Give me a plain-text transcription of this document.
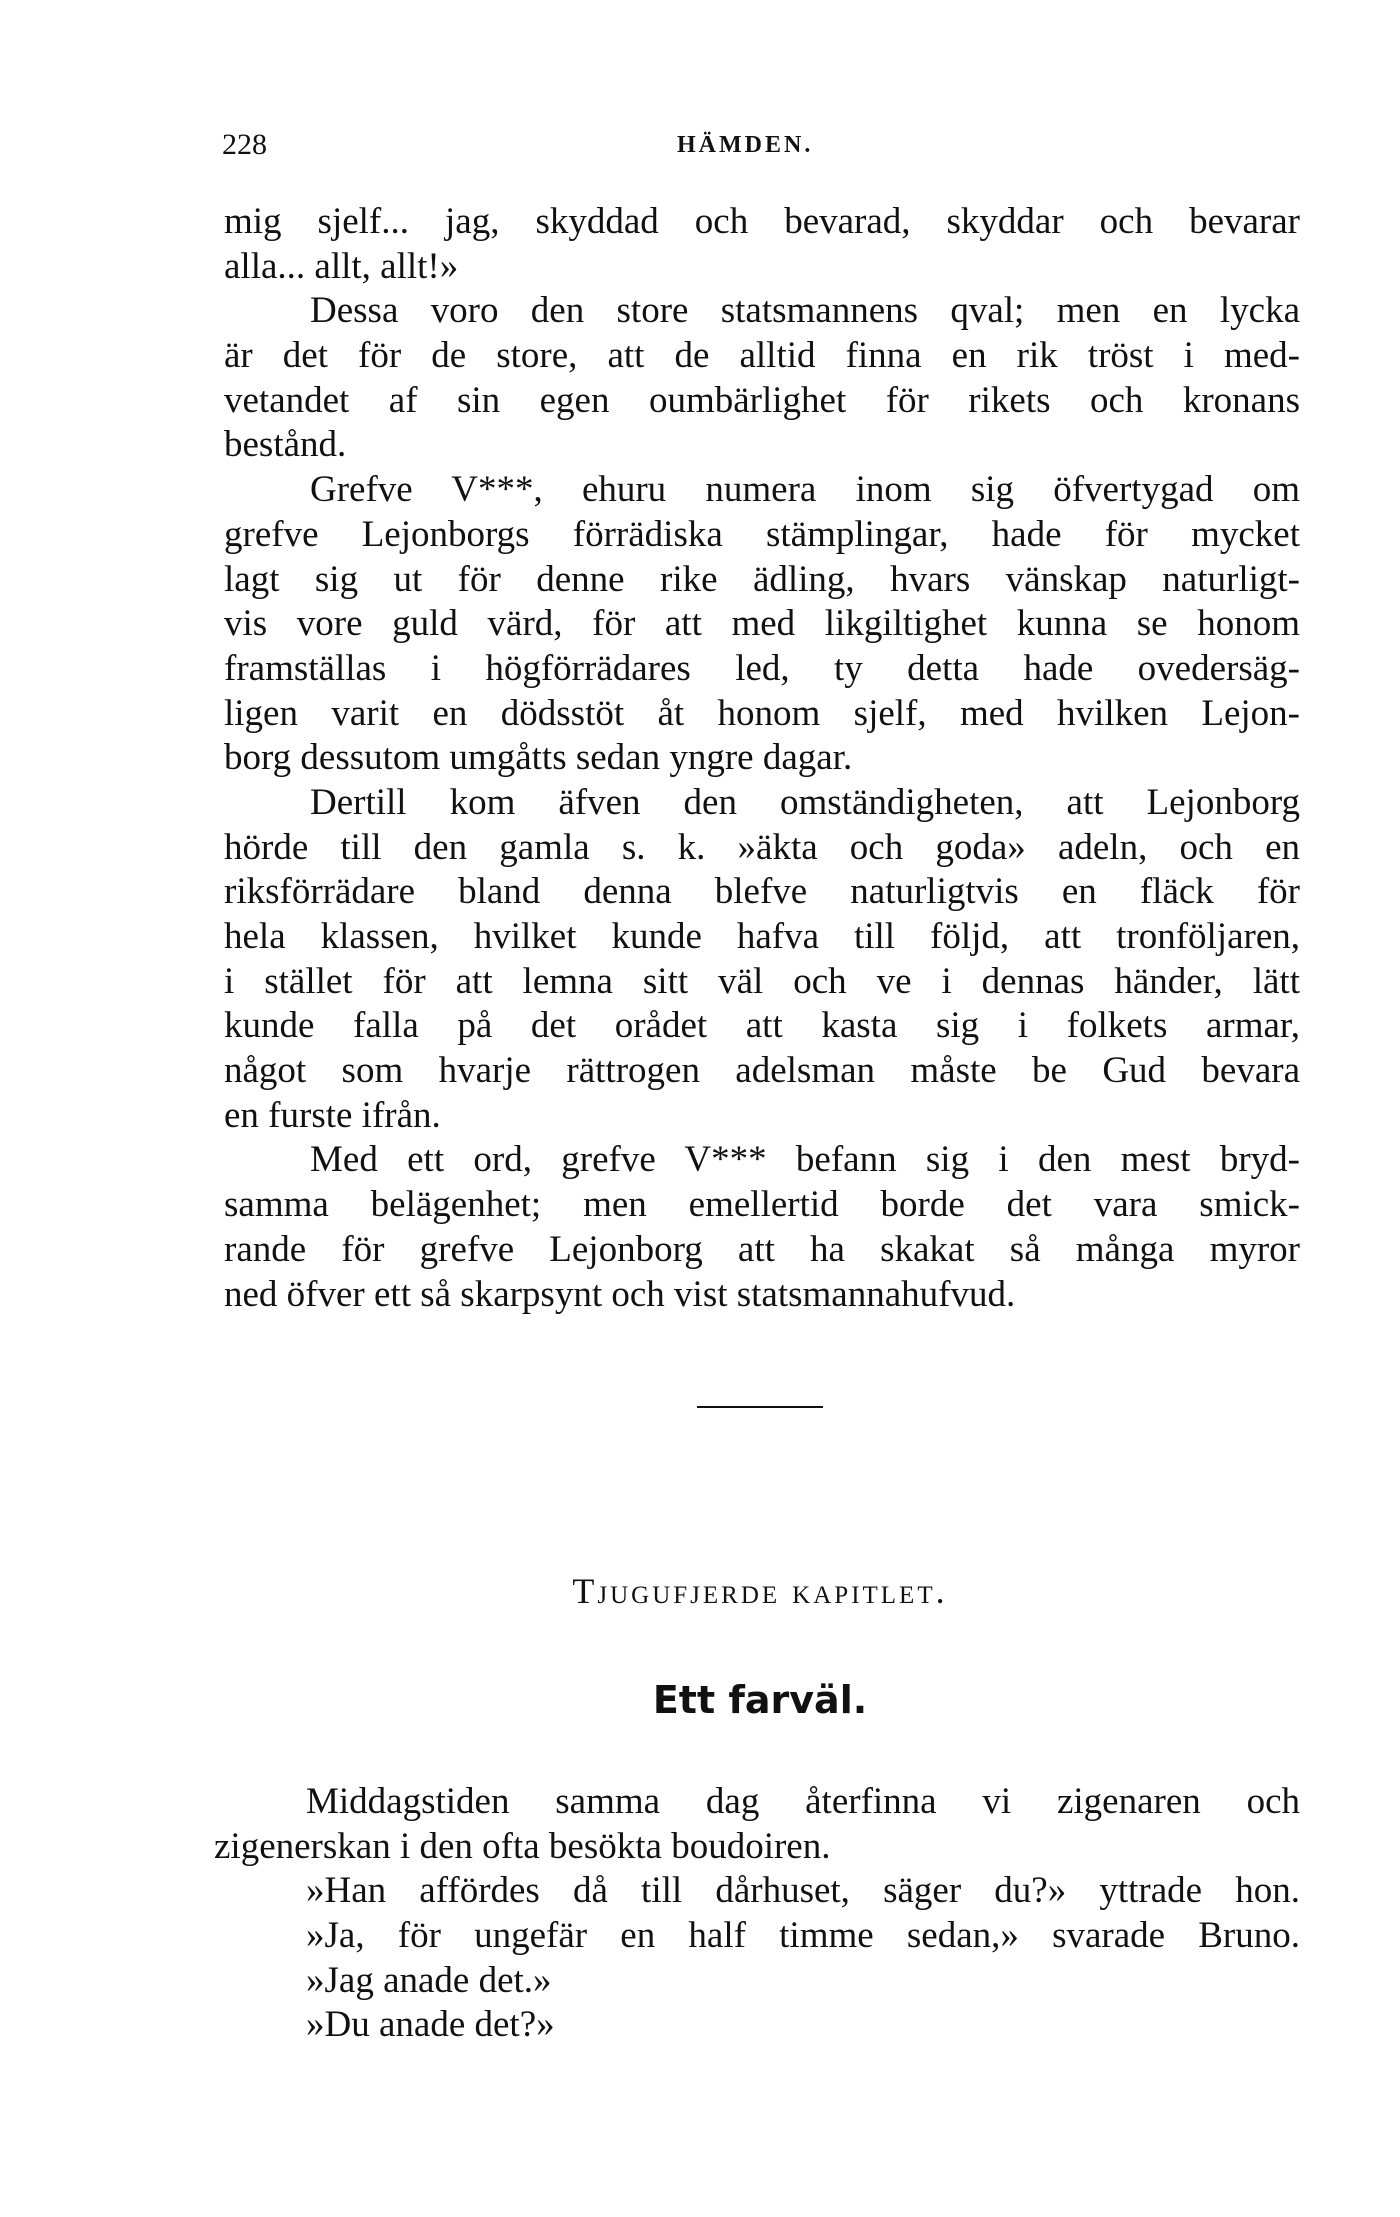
228	HÄMDEN.
mig sjelf... jag, skyddad och bevarad, skyddar och bevarar
alla... allt, allt!»
Dessa voro den store statsmannens qval; men en lycka
är det för de store, att de alltid finna en rik tröst i med-
vetandet af sin egen oumbärlighet för rikets och kronans
bestånd.
Grefve V***, ehuru numera inom sig öfvertygad om
grefve Lejonborgs förrädiska stämplingar, hade för mycket
lagt sig ut för denne rike ädling, hvars vänskap naturligt-
vis vore guld värd, för att med likgiltighet kunna se honom
framställas i högförrädares led, ty detta hade ovedersäg-
ligen varit en dödsstöt åt honom sjelf, med hvilken Lejon-
borg dessutom umgåtts sedan yngre dagar.
Dertill kom äfven den omständigheten, att Lejonborg
hörde till den gamla s. k. »äkta och goda» adeln, och en
riksförrädare bland denna blefve naturligtvis en fläck för
hela klassen, hvilket kunde hafva till följd, att tronföljaren,
i stället för att lemna sitt väl och ve i dennas händer, lätt
kunde falla på det orådet att kasta sig i folkets armar,
något som hvarje rättrogen adelsman måste be Gud bevara
en furste ifrån.
Med ett ord, grefve V*** befann sig i den mest bryd-
samma belägenhet; men emellertid borde det vara smick-
rande för grefve Lejonborg att ha skakat så många myror
ned öfver ett så skarpsynt och vist statsmannahufvud.
Tjugufjerde kapitlet.
Ett farväl.
Middagstiden samma dag återfinna vi zigenaren och
zigenerskan i den ofta besökta boudoiren.
»Han affördes då till dårhuset, säger du?» yttrade hon.
»Ja, för ungefär en half timme sedan,» svarade Bruno.
»Jag anade det.»
»Du anade det?»
